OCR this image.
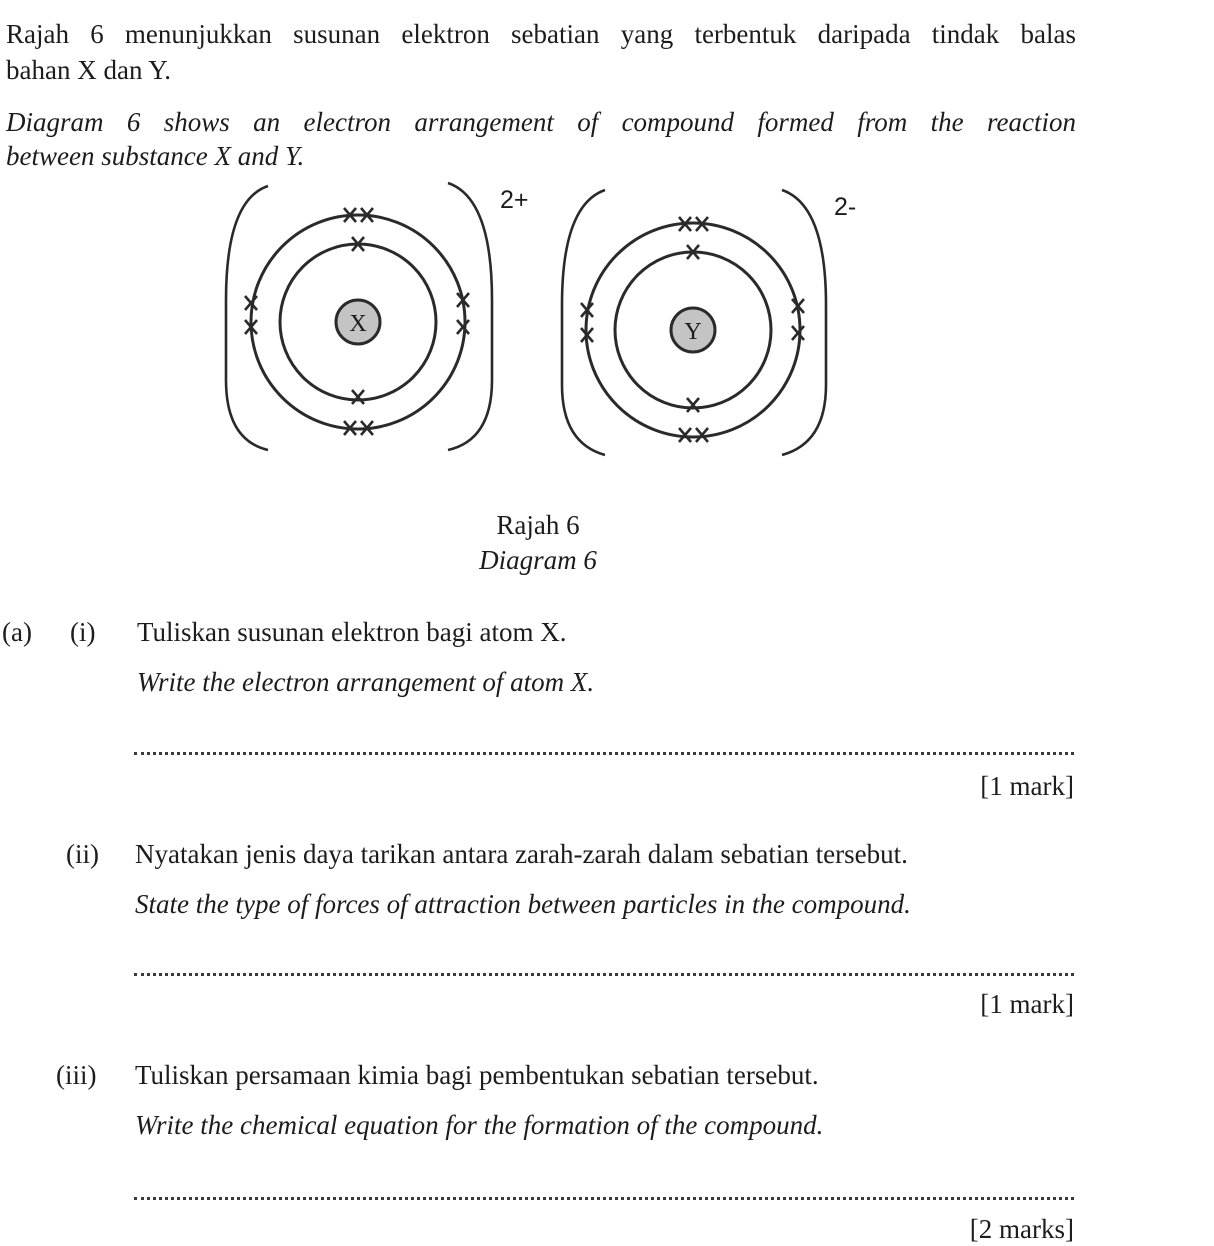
Rajah 6 menunjukkan susunan elektron sebatian yang terbentuk daripada tindak balas
bahan X dan Y.
Diagram 6 shows an electron arrangement of compound formed from the reaction
between substance X and Y.
X
2+
Y
2-
Rajah 6
Diagram 6
(a) (i) Tuliskan susunan elektron bagi atom X.
Write the electron arrangement of atom X.
[1 mark]
(ii) Nyatakan jenis daya tarikan antara zarah-zarah dalam sebatian tersebut.
State the type of forces of attraction between particles in the compound.
[1 mark]
(iii) Tuliskan persamaan kimia bagi pembentukan sebatian tersebut.
Write the chemical equation for the formation of the compound.
[2 marks]
